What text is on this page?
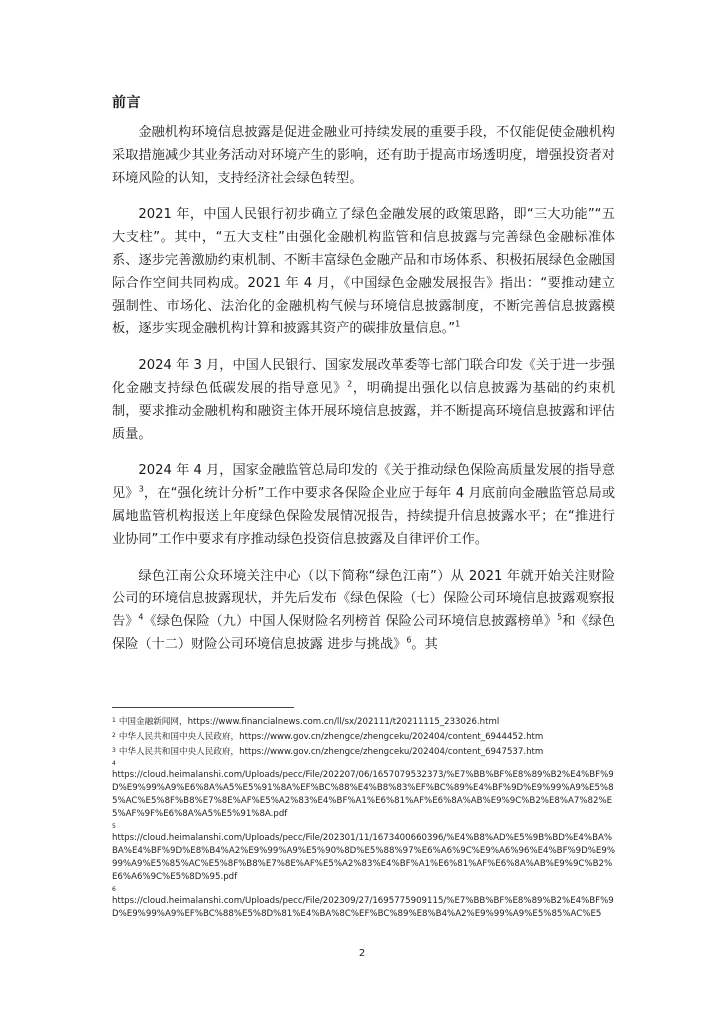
前言

金融机构环境信息披露是促进金融业可持续发展的重要手段，不仅能促使金融机构采取措施减少其业务活动对环境产生的影响，还有助于提高市场透明度，增强投资者对环境风险的认知，支持经济社会绿色转型。

2021 年，中国人民银行初步确立了绿色金融发展的政策思路，即“三大功能”“五大支柱”。其中，“五大支柱”由强化金融机构监管和信息披露与完善绿色金融标准体系、逐步完善激励约束机制、不断丰富绿色金融产品和市场体系、积极拓展绿色金融国际合作空间共同构成。2021 年 4 月，《中国绿色金融发展报告》指出：“要推动建立强制性、市场化、法治化的金融机构气候与环境信息披露制度，不断完善信息披露模板，逐步实现金融机构计算和披露其资产的碳排放量信息。”$^1$

2024 年 3 月，中国人民银行、国家发展改革委等七部门联合印发《关于进一步强化金融支持绿色低碳发展的指导意见》$^2$，明确提出强化以信息披露为基础的约束机制，要求推动金融机构和融资主体开展环境信息披露，并不断提高环境信息披露和评估质量。

2024 年 4 月，国家金融监管总局印发的《关于推动绿色保险高质量发展的指导意见》$^3$，在“强化统计分析”工作中要求各保险企业应于每年 4 月底前向金融监管总局或属地监管机构报送上年度绿色保险发展情况报告，持续提升信息披露水平；在“推进行业协同”工作中要求有序推动绿色投资信息披露及自律评价工作。

绿色江南公众环境关注中心（以下简称“绿色江南”）从 2021 年就开始关注财险公司的环境信息披露现状，并先后发布《绿色保险（七）保险公司环境信息披露观察报告》$^4$《绿色保险（九）中国人保财险名列榜首 保险公司环境信息披露榜单》$^5$和《绿色保险（十二）财险公司环境信息披露 进步与挑战》$^6$。其

$^1$ 中国金融新闻网，https://www.financialnews.com.cn/ll/sx/202111/t20211115_233026.html

$^2$ 中华人民共和国中央人民政府，https://www.gov.cn/zhengce/zhengceku/202404/content_6944452.htm

$^3$ 中华人民共和国中央人民政府，https://www.gov.cn/zhengce/zhengceku/202404/content_6947537.htm

4

https://cloud.heimalanshi.com/Uploads/pecc/File/202207/06/1657079532373/%E7%BB%BF%E8%89%B2%E4%BF%9D%E9%99%A9%E6%8A%A5%E5%91%8A%EF%BC%88%E4%B8%83%EF%BC%89%E4%BF%9D%E9%99%A9%E5%85%AC%E5%8F%B8%E7%8E%AF%E5%A2%83%E4%BF%A1%E6%81%AF%E6%8A%AB%E9%9C%B2%E8%A7%82%E5%AF%9F%E6%8A%A5%E5%91%8A.pdf

5

https://cloud.heimalanshi.com/Uploads/pecc/File/202301/11/1673400660396/%E4%B8%AD%E5%9B%BD%E4%BA%BA%E4%BF%9D%E8%B4%A2%E9%99%A9%E5%90%8D%E5%88%97%E6%A6%9C%E9%A6%96%E4%BF%9D%E9%99%A9%E5%85%AC%E5%8F%B8%E7%8E%AF%E5%A2%83%E4%BF%A1%E6%81%AF%E6%8A%AB%E9%9C%B2%E6%A6%9C%E5%8D%95.pdf

6

https://cloud.heimalanshi.com/Uploads/pecc/File/202309/27/1695775909115/%E7%BB%BF%E8%89%B2%E4%BF%9D%E9%99%A9%EF%BC%88%E5%8D%81%E4%BA%8C%EF%BC%89%E8%B4%A2%E9%99%A9%E5%85%AC%E5

2
